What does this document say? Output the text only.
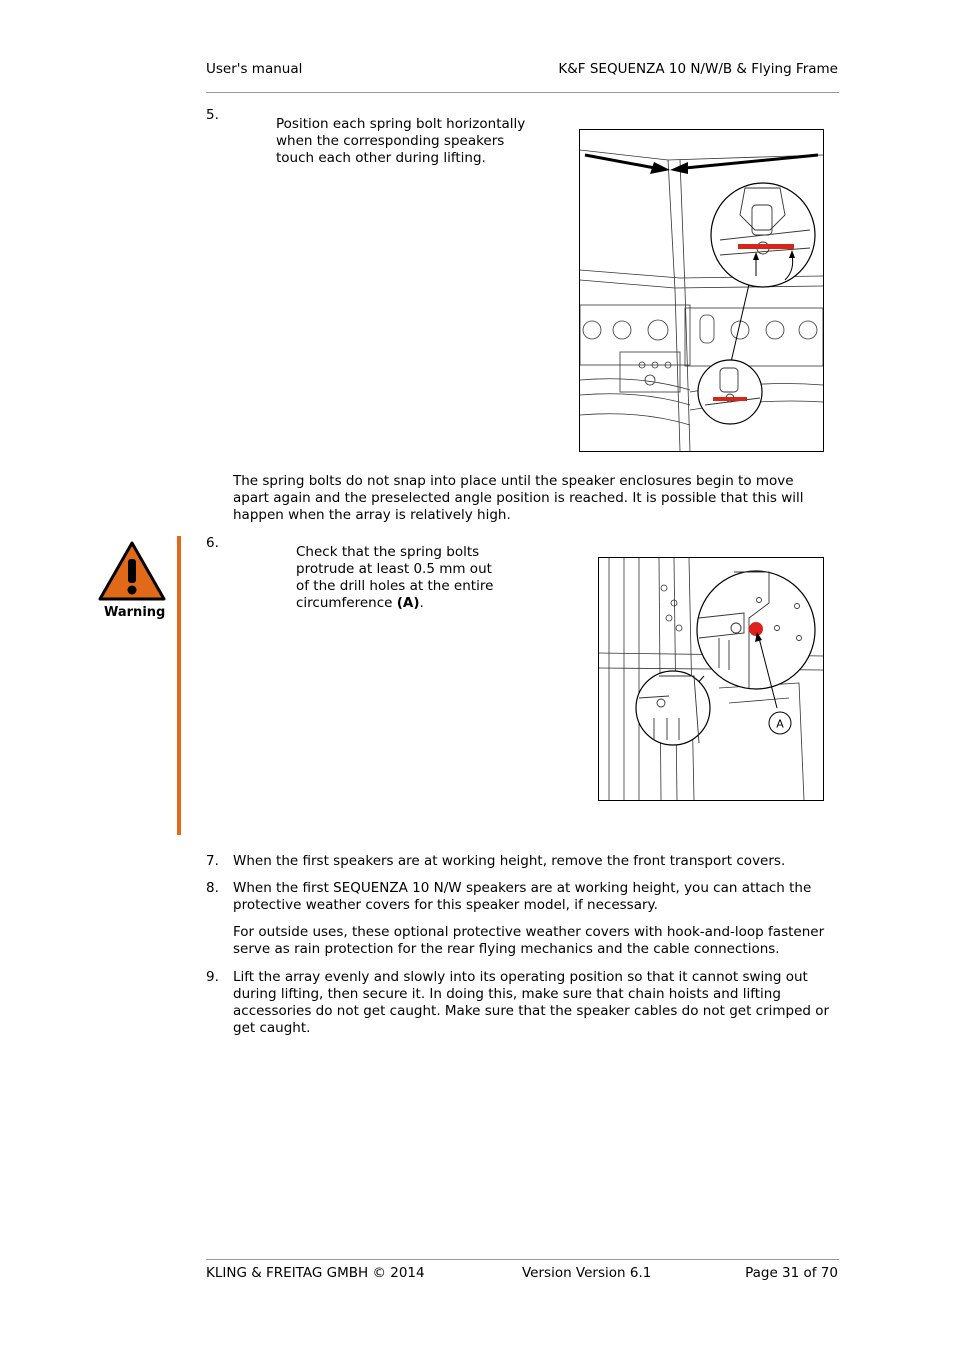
User's manual	K&F SEQUENZA 10 N/W/B & Flying Frame
5.

Position each spring bolt horizontally when the corresponding speakers touch each other during lifting.

The spring bolts do not snap into place until the speaker enclosures begin to move apart again and the preselected angle position is reached. It is possible that this will happen when the array is relatively high.

Warning
6.

Check that the spring bolts protrude at least 0.5 mm out of the drill holes at the entire circumference (A).

A
7. When the first speakers are at working height, remove the front transport covers.

8. When the first SEQUENZA 10 N/W speakers are at working height, you can attach the protective weather covers for this speaker model, if necessary.

For outside uses, these optional protective weather covers with hook-and-loop fastener serve as rain protection for the rear flying mechanics and the cable connections.

9. Lift the array evenly and slowly into its operating position so that it cannot swing out during lifting, then secure it. In doing this, make sure that chain hoists and lifting accessories do not get caught. Make sure that the speaker cables do not get crimped or get caught.

KLING & FREITAG GMBH © 2014	Version Version 6.1	Page 31 of 70
